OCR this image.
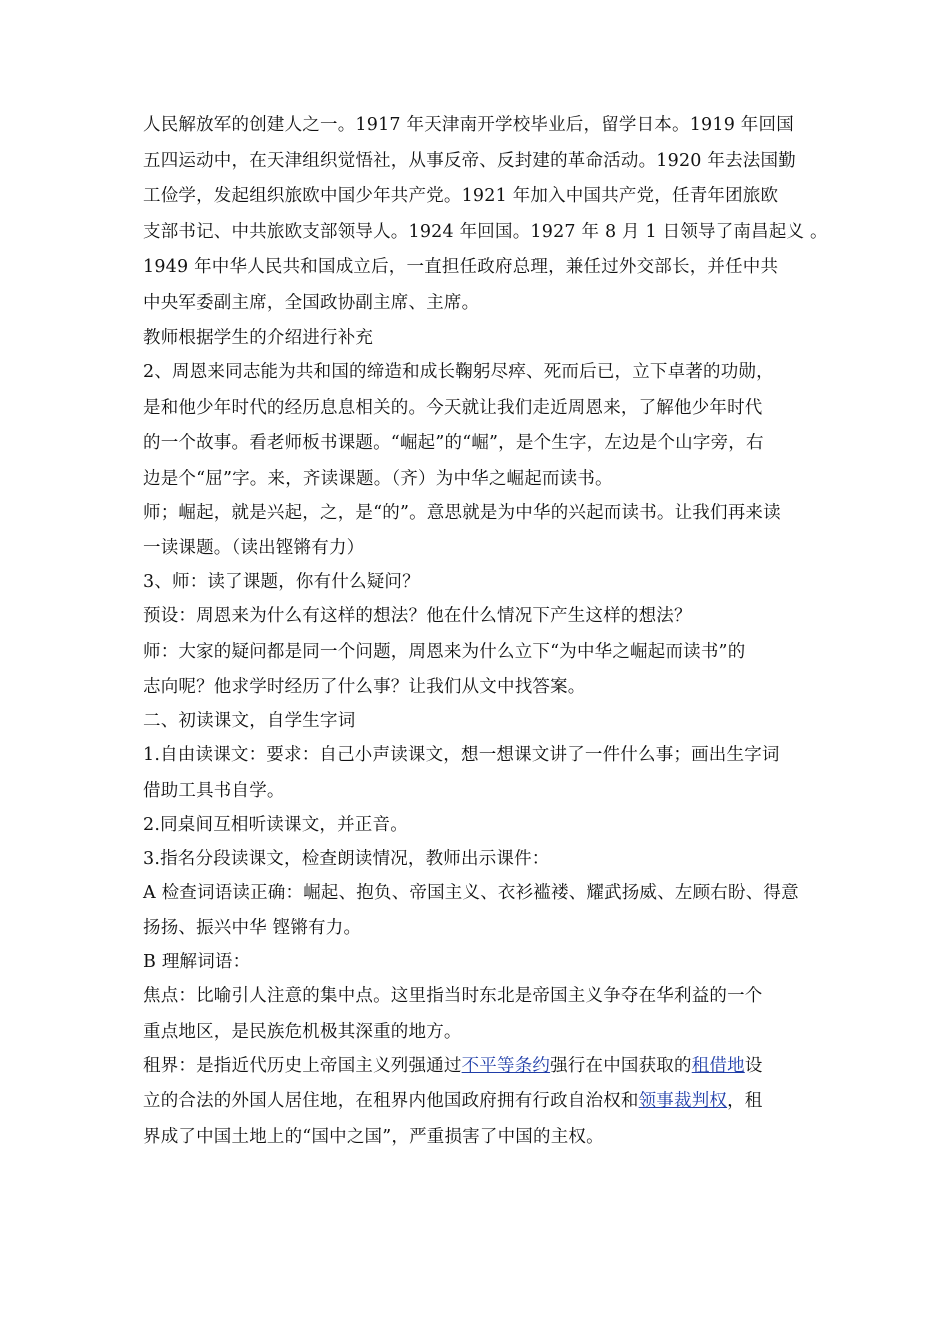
人民解放军的创建人之一。1917 年天津南开学校毕业后，留学日本。1919 年回国
五四运动中，在天津组织觉悟社，从事反帝、反封建的革命活动。1920 年去法国勤
工俭学，发起组织旅欧中国少年共产党。1921 年加入中国共产党，任青年团旅欧
支部书记、中共旅欧支部领导人。1924 年回国。1927 年 8 月 1 日领导了南昌起义 。
1949 年中华人民共和国成立后，一直担任政府总理，兼任过外交部长，并任中共
中央军委副主席，全国政协副主席、主席。
教师根据学生的介绍进行补充
2、周恩来同志能为共和国的缔造和成长鞠躬尽瘁、死而后已，立下卓著的功勋，
是和他少年时代的经历息息相关的。今天就让我们走近周恩来，了解他少年时代
的一个故事。看老师板书课题。“崛起”的“崛”，是个生字，左边是个山字旁，右
边是个“屈”字。来，齐读课题。（齐）为中华之崛起而读书。
师；崛起，就是兴起，之，是“的”。意思就是为中华的兴起而读书。让我们再来读
一读课题。（读出铿锵有力）
3、师：读了课题，你有什么疑问？
预设：周恩来为什么有这样的想法？他在什么情况下产生这样的想法？
师：大家的疑问都是同一个问题，周恩来为什么立下“为中华之崛起而读书”的
志向呢？他求学时经历了什么事？让我们从文中找答案。
二、初读课文，自学生字词
1.自由读课文：要求：自己小声读课文，想一想课文讲了一件什么事；画出生字词
借助工具书自学。
2.同桌间互相听读课文，并正音。
3.指名分段读课文，检查朗读情况，教师出示课件：
A 检查词语读正确：崛起、抱负、帝国主义、衣衫褴褛、耀武扬威、左顾右盼、得意
扬扬、振兴中华 铿锵有力。
B 理解词语：
焦点：比喻引人注意的集中点。这里指当时东北是帝国主义争夺在华利益的一个
重点地区，是民族危机极其深重的地方。
租界：是指近代历史上帝国主义列强通过不平等条约强行在中国获取的租借地设
立的合法的外国人居住地，在租界内他国政府拥有行政自治权和领事裁判权，租
界成了中国土地上的“国中之国”，严重损害了中国的主权。
